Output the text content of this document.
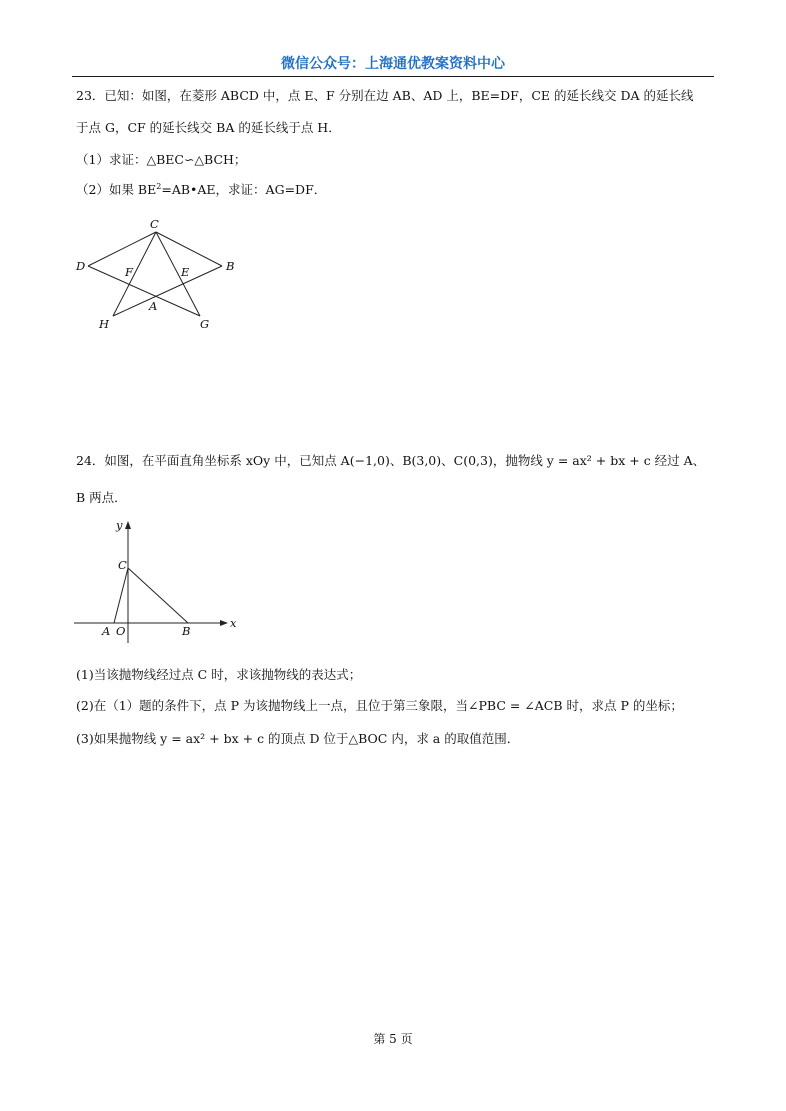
微信公众号：上海通优教案资料中心
23．已知：如图，在菱形 ABCD 中，点 E、F 分别在边 AB、AD 上，BE=DF，CE 的延长线交 DA 的延长线
于点 G，CF 的延长线交 BA 的延长线于点 H．
（1）求证：△BEC∽△BCH；
（2）如果 $BE^2=AB•AE$，求证：AG=DF．
C
D	B
F	E
A
H	G
24．如图，在平面直角坐标系 xOy 中，已知点 A(−1,0)、B(3,0)、C(0,3)，抛物线 y = ax² + bx + c 经过 A、
B 两点．
y
x
C
A O	B
(1)当该抛物线经过点 C 时，求该抛物线的表达式；
(2)在（1）题的条件下，点 P 为该抛物线上一点，且位于第三象限，当∠PBC = ∠ACB 时，求点 P 的坐标；
(3)如果抛物线 y = ax² + bx + c 的顶点 D 位于△BOC 内，求 a 的取值范围．
第 5 页
